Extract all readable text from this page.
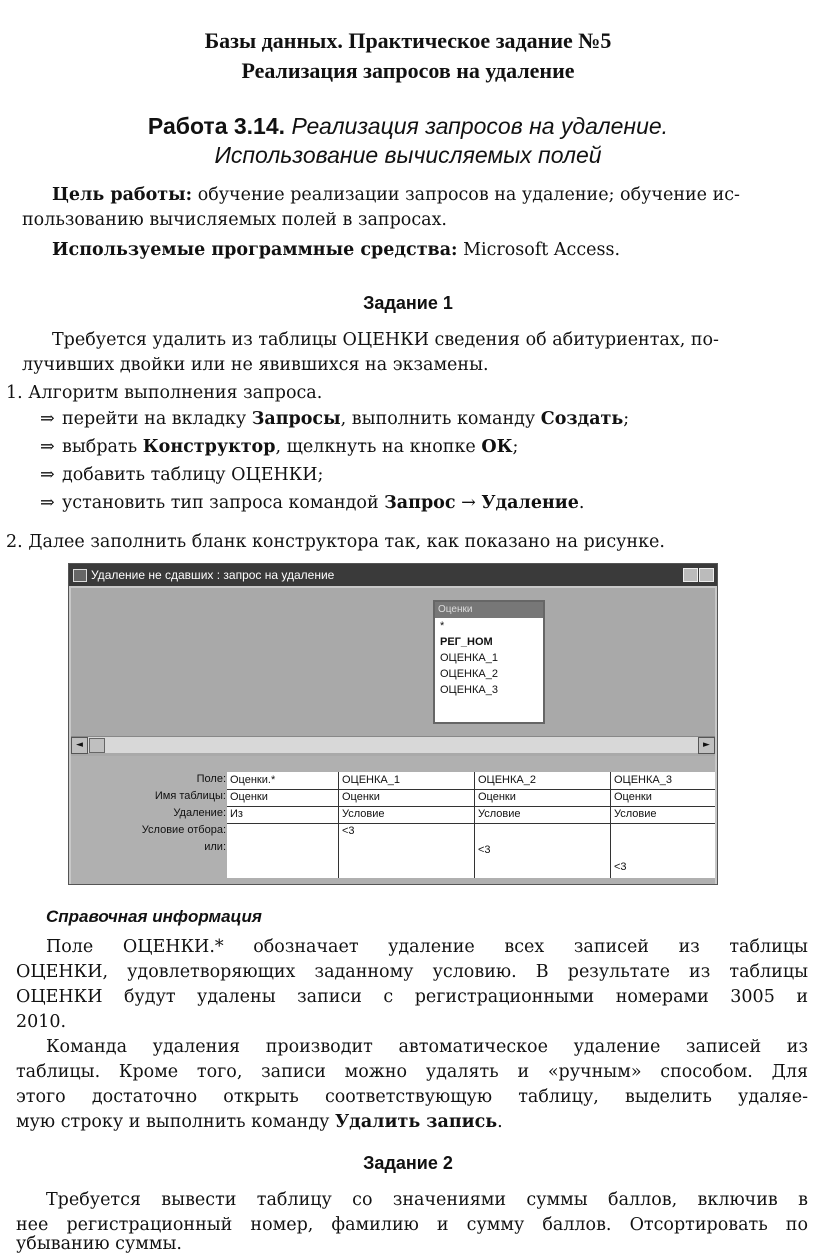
Базы данных. Практическое задание №5
Реализация запросов на удаление
Работа 3.14. Реализация запросов на удаление.
Использование вычисляемых полей
Цель работы: обучение реализации запросов на удаление; обучение ис-
пользованию вычисляемых полей в запросах.
Используемые программные средства: Microsoft Access.
Задание 1
Требуется удалить из таблицы ОЦЕНКИ сведения об абитуриентах, по-
лучивших двойки или не явившихся на экзамены.
1. Алгоритм выполнения запроса.
⇒ перейти на вкладку Запросы, выполнить команду Создать;
⇒ выбрать Конструктор, щелкнуть на кнопке ОК;
⇒ добавить таблицу ОЦЕНКИ;
⇒ установить тип запроса командой Запрос → Удаление.
2. Далее заполнить бланк конструктора так, как показано на рисунке.
Удаление не сдавших : запрос на удаление
Оценки
*
РЕГ_НОМ
ОЦЕНКА_1
ОЦЕНКА_2
ОЦЕНКА_3
◄	►
Поле:
Имя таблицы:
Удаление:
Условие отбора:
или:
Оценки.*
Оценки
Из
ОЦЕНКА_1
Оценки
Условие
<3
ОЦЕНКА_2
Оценки
Условие
<3
ОЦЕНКА_3
Оценки
Условие
<3
Справочная информация
Поле ОЦЕНКИ.* обозначает удаление всех записей из таблицы
ОЦЕНКИ, удовлетворяющих заданному условию. В результате из таблицы
ОЦЕНКИ будут удалены записи с регистрационными номерами 3005 и
2010.
Команда удаления производит автоматическое удаление записей из
таблицы. Кроме того, записи можно удалять и «ручным» способом. Для
этого достаточно открыть соответствующую таблицу, выделить удаляе-
мую строку и выполнить команду Удалить запись.
Задание 2
Требуется вывести таблицу со значениями суммы баллов, включив в
нее регистрационный номер, фамилию и сумму баллов. Отсортировать по
убыванию суммы.
